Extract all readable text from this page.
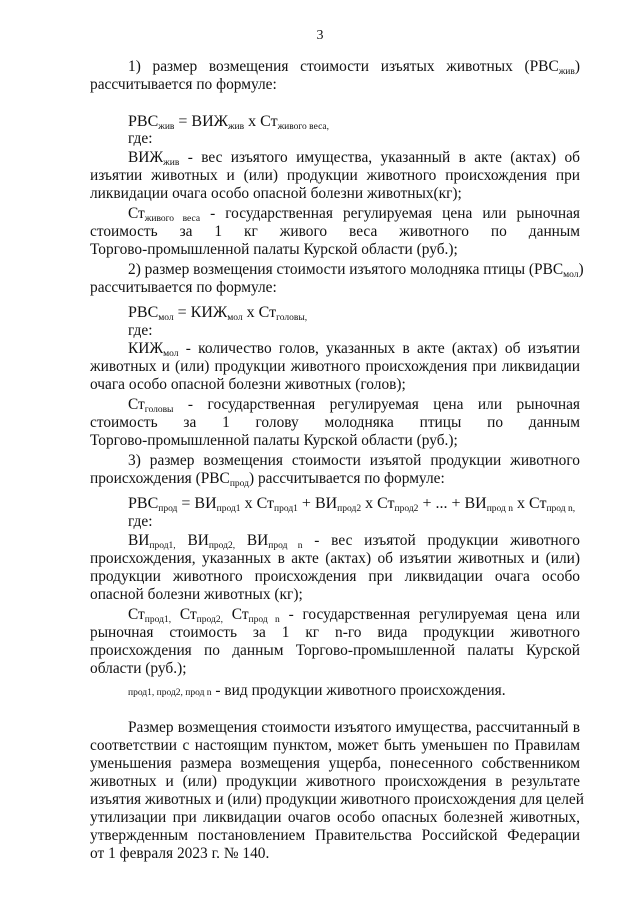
3
1) размер возмещения стоимости изъятых животных $(РВС_{жив})$
рассчитывается по формуле:
$РВС_{жив} = ВИЖ_{жив}$ х $Ст_{живого веса,}$
где:
$ВИЖ_{жив}$ - вес изъятого имущества, указанный в акте (актах) об
изъятии животных и (или) продукции животного происхождения при
ликвидации очага особо опасной болезни животных(кг);
$Ст_{живого веса}$ - государственная регулируемая цена или рыночная
стоимость за 1 кг живого веса животного по данным
Торгово-промышленной палаты Курской области (руб.);
2) размер возмещения стоимости изъятого молодняка птицы $(РВС_{мол})$
рассчитывается по формуле:
$РВС_{мол} = КИЖ_{мол}$ х $Ст_{головы,}$
где:
$КИЖ_{мол}$ - количество голов, указанных в акте (актах) об изъятии
животных и (или) продукции животного происхождения при ликвидации
очага особо опасной болезни животных (голов);
$Ст_{головы}$ - государственная регулируемая цена или рыночная
стоимость за 1 голову молодняка птицы по данным
Торгово-промышленной палаты Курской области (руб.);
3) размер возмещения стоимости изъятой продукции животного
происхождения $(РВС_{прод})$ рассчитывается по формуле:
$РВС_{прод} = ВИ_{прод1}$ х $Ст_{прод1} + ВИ_{прод2}$ х $Ст_{прод2}$ + ... + $ВИ_{прод n}$ х $Ст_{прод n,}$
где:
$ВИ_{прод1,}$ $ВИ_{прод2,}$ $ВИ_{прод n}$ - вес изъятой продукции животного
происхождения, указанных в акте (актах) об изъятии животных и (или)
продукции животного происхождения при ликвидации очага особо
опасной болезни животных (кг);
$Ст_{прод1,}$ $Ст_{прод2,}$ $Ст_{прод n}$ - государственная регулируемая цена или
рыночная стоимость за 1 кг n-го вида продукции животного
происхождения по данным Торгово-промышленной палаты Курской
области (руб.);
прод1, прод2, прод n - вид продукции животного происхождения.
Размер возмещения стоимости изъятого имущества, рассчитанный в
соответствии с настоящим пунктом, может быть уменьшен по Правилам
уменьшения размера возмещения ущерба, понесенного собственником
животных и (или) продукции животного происхождения в результате
изъятия животных и (или) продукции животного происхождения для целей
утилизации при ликвидации очагов особо опасных болезней животных,
утвержденным постановлением Правительства Российской Федерации
от 1 февраля 2023 г. № 140.
